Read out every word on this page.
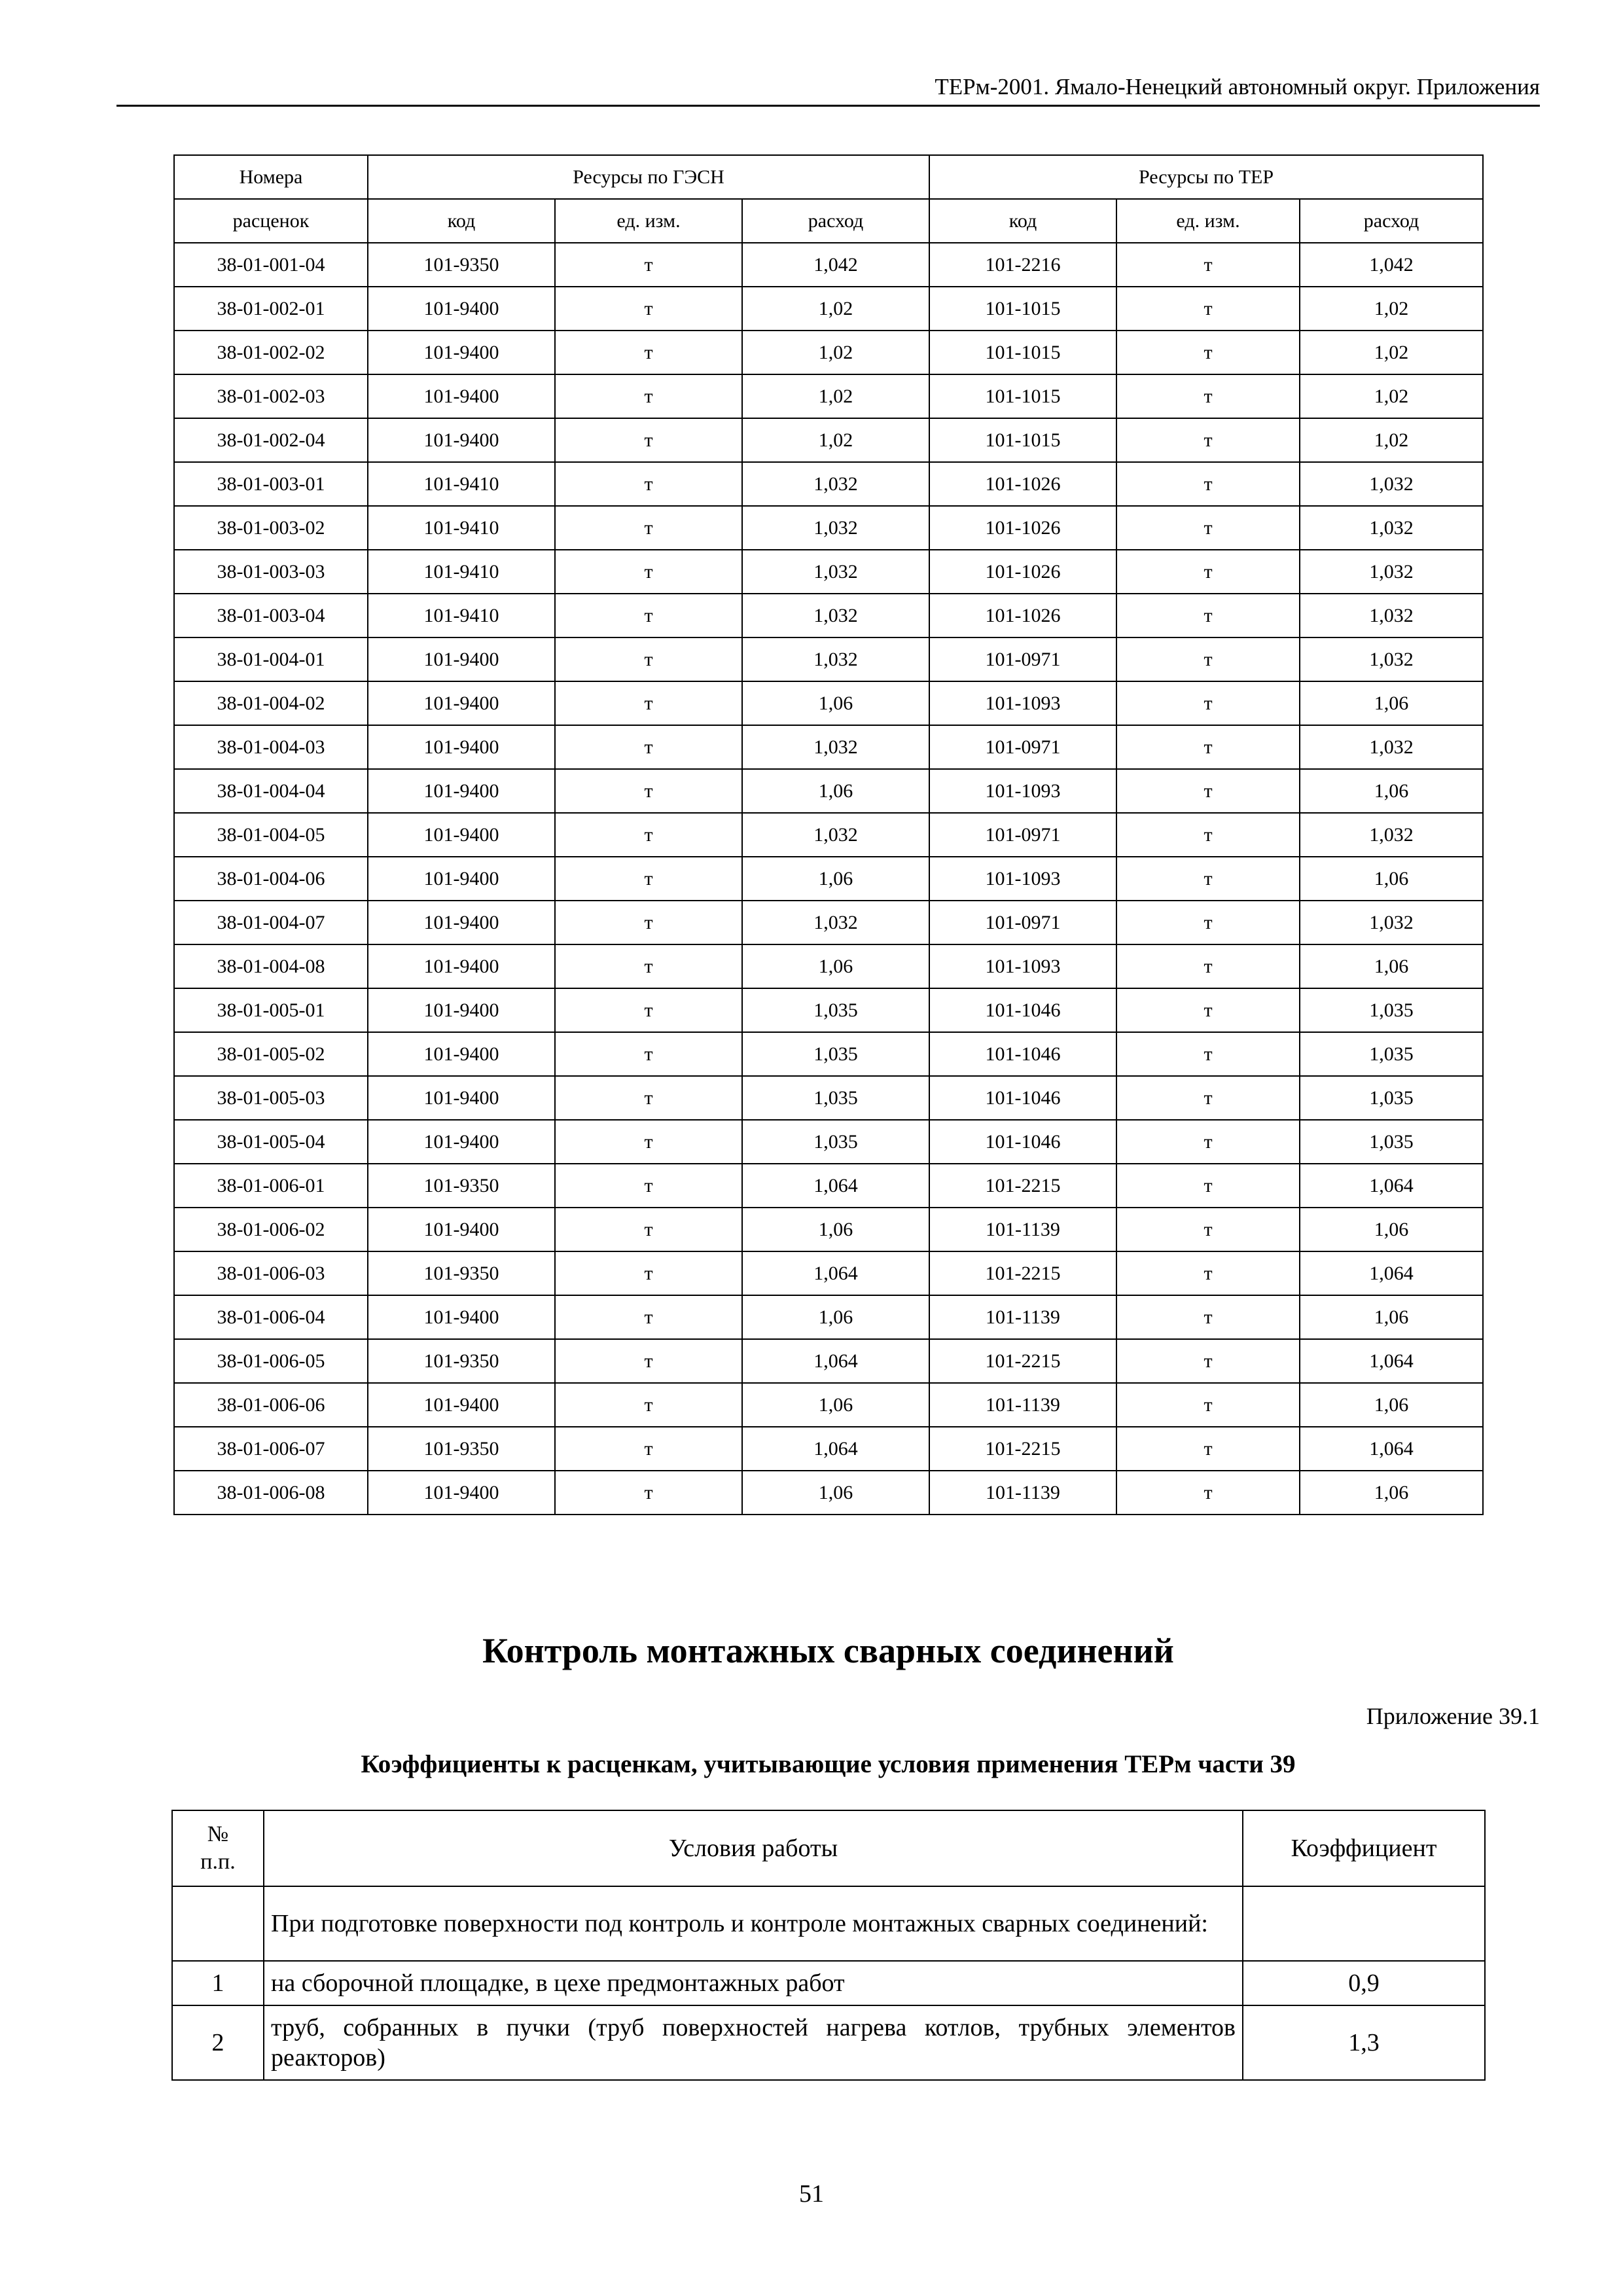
ТЕРм-2001. Ямало-Ненецкий автономный округ. Приложения
Номера	Ресурсы по ГЭСН			Ресурсы по ТЕР		
расценок	код	ед. изм.	расход	код	ед. изм.	расход
38-01-001-04	101-9350	т	1,042	101-2216	т	1,042
38-01-002-01	101-9400	т	1,02	101-1015	т	1,02
38-01-002-02	101-9400	т	1,02	101-1015	т	1,02
38-01-002-03	101-9400	т	1,02	101-1015	т	1,02
38-01-002-04	101-9400	т	1,02	101-1015	т	1,02
38-01-003-01	101-9410	т	1,032	101-1026	т	1,032
38-01-003-02	101-9410	т	1,032	101-1026	т	1,032
38-01-003-03	101-9410	т	1,032	101-1026	т	1,032
38-01-003-04	101-9410	т	1,032	101-1026	т	1,032
38-01-004-01	101-9400	т	1,032	101-0971	т	1,032
38-01-004-02	101-9400	т	1,06	101-1093	т	1,06
38-01-004-03	101-9400	т	1,032	101-0971	т	1,032
38-01-004-04	101-9400	т	1,06	101-1093	т	1,06
38-01-004-05	101-9400	т	1,032	101-0971	т	1,032
38-01-004-06	101-9400	т	1,06	101-1093	т	1,06
38-01-004-07	101-9400	т	1,032	101-0971	т	1,032
38-01-004-08	101-9400	т	1,06	101-1093	т	1,06
38-01-005-01	101-9400	т	1,035	101-1046	т	1,035
38-01-005-02	101-9400	т	1,035	101-1046	т	1,035
38-01-005-03	101-9400	т	1,035	101-1046	т	1,035
38-01-005-04	101-9400	т	1,035	101-1046	т	1,035
38-01-006-01	101-9350	т	1,064	101-2215	т	1,064
38-01-006-02	101-9400	т	1,06	101-1139	т	1,06
38-01-006-03	101-9350	т	1,064	101-2215	т	1,064
38-01-006-04	101-9400	т	1,06	101-1139	т	1,06
38-01-006-05	101-9350	т	1,064	101-2215	т	1,064
38-01-006-06	101-9400	т	1,06	101-1139	т	1,06
38-01-006-07	101-9350	т	1,064	101-2215	т	1,064
38-01-006-08	101-9400	т	1,06	101-1139	т	1,06
Контроль монтажных сварных соединений
Приложение 39.1
Коэффициенты к расценкам, учитывающие условия применения ТЕРм части 39
№
п.п.	Условия работы	Коэффициент
	При подготовке поверхности под контроль и контроле монтажных сварных соединений:	
1	на сборочной площадке, в цехе предмонтажных работ	0,9
2	труб, собранных в пучки (труб поверхностей нагрева котлов, трубных элементов реакторов)	1,3
51
